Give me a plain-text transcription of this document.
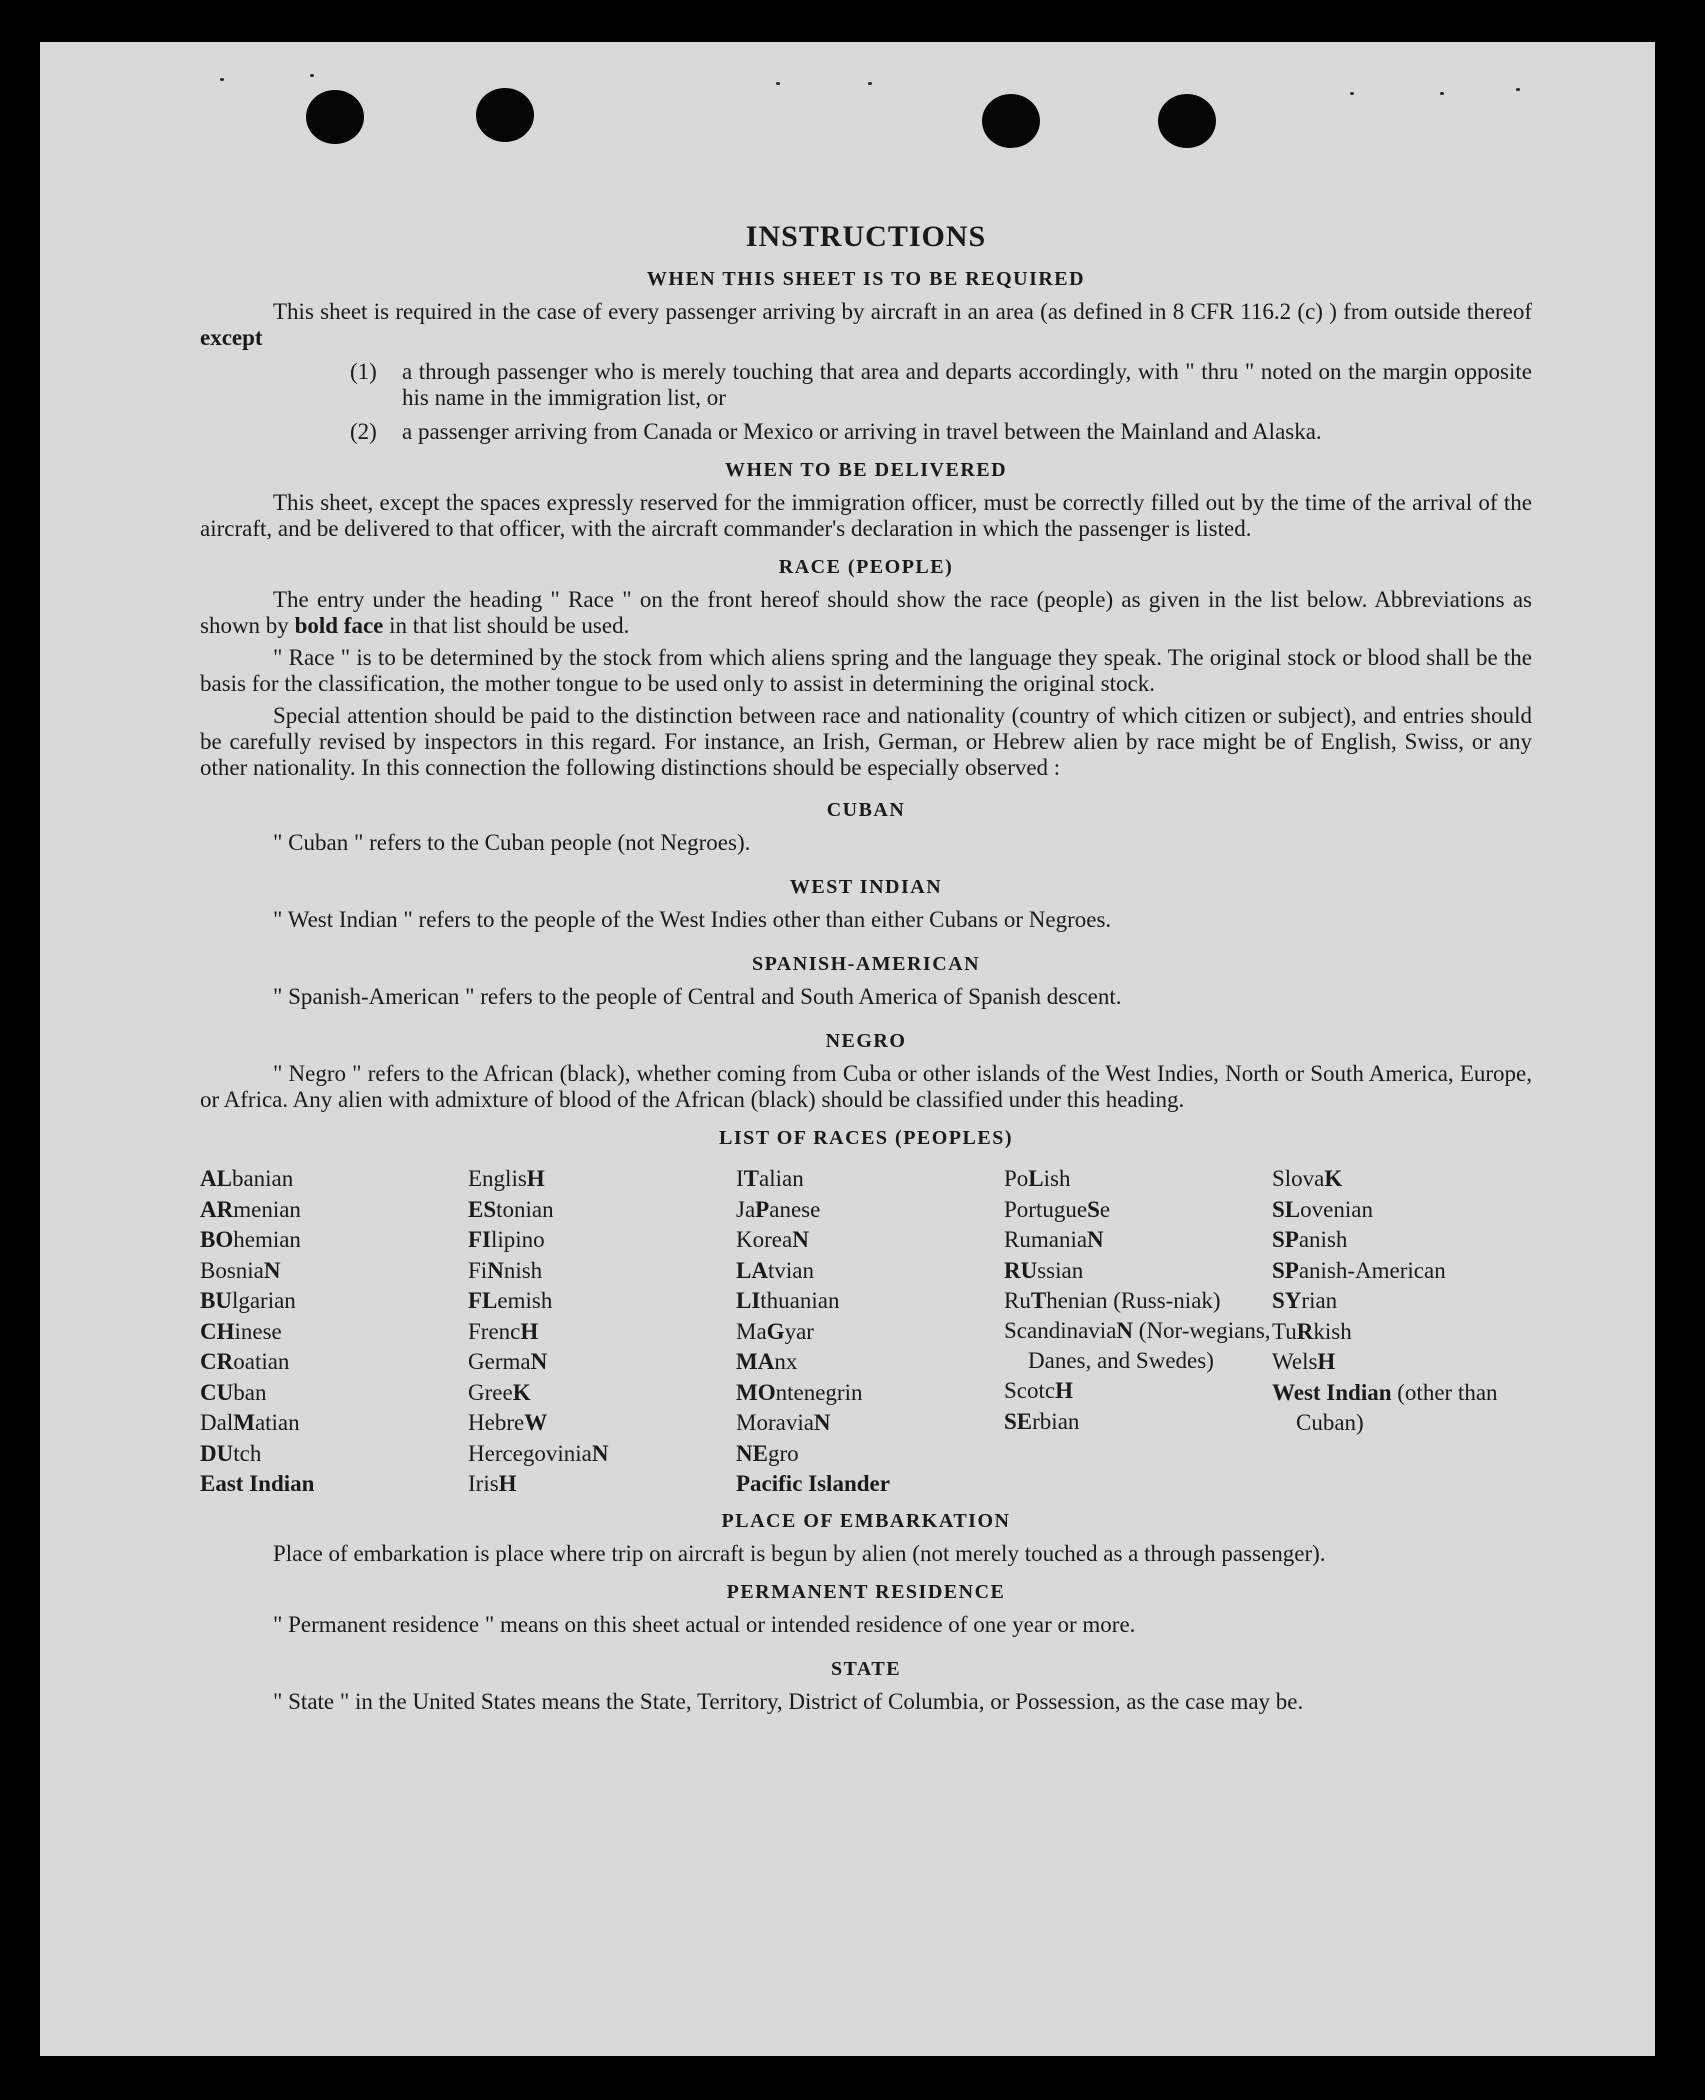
INSTRUCTIONS
WHEN THIS SHEET IS TO BE REQUIRED

This sheet is required in the case of every passenger arriving by aircraft in an area (as defined in 8 CFR 116.2 (c) ) from outside thereof except

(1)	a through passenger who is merely touching that area and departs accordingly, with " thru " noted on the margin opposite his name in the immigration list, or
(2)	a passenger arriving from Canada or Mexico or arriving in travel between the Mainland and Alaska.
WHEN TO BE DELIVERED

This sheet, except the spaces expressly reserved for the immigration officer, must be correctly filled out by the time of the arrival of the aircraft, and be delivered to that officer, with the aircraft commander's declaration in which the passenger is listed.

RACE (PEOPLE)

The entry under the heading " Race " on the front hereof should show the race (people) as given in the list below. Abbreviations as shown by bold face in that list should be used.

" Race " is to be determined by the stock from which aliens spring and the language they speak. The original stock or blood shall be the basis for the classification, the mother tongue to be used only to assist in determining the original stock.

Special attention should be paid to the distinction between race and nationality (country of which citizen or subject), and entries should be carefully revised by inspectors in this regard. For instance, an Irish, German, or Hebrew alien by race might be of English, Swiss, or any other nationality. In this connection the following distinctions should be especially observed :

CUBAN

" Cuban " refers to the Cuban people (not Negroes).

WEST INDIAN

" West Indian " refers to the people of the West Indies other than either Cubans or Negroes.

SPANISH-AMERICAN

" Spanish-American " refers to the people of Central and South America of Spanish descent.

NEGRO

" Negro " refers to the African (black), whether coming from Cuba or other islands of the West Indies, North or South America, Europe, or Africa. Any alien with admixture of blood of the African (black) should be classified under this heading.

LIST OF RACES (PEOPLES)
ALbanian
ARmenian
BOhemian
BosniaN
BUlgarian
CHinese
CRoatian
CUban
DalMatian
DUtch
East Indian
EnglisH
EStonian
FIlipino
FiNnish
FLemish
FrencH
GermaN
GreeK
HebreW
HercegoviniaN
IrisH
ITalian
JaPanese
KoreaN
LAtvian
LIthuanian
MaGyar
MAnx
MOntenegrin
MoraviaN
NEgro
Pacific Islander
PoLish
PortugueSe
RumaniaN
RUssian
RuThenian (Russ-niak)
ScandinaviaN (Nor-wegians, Danes, and Swedes)
ScotcH
SErbian
SlovaK
SLovenian
SPanish
SPanish-American
SYrian
TuRkish
WelsH
West Indian (other than Cuban)
PLACE OF EMBARKATION

Place of embarkation is place where trip on aircraft is begun by alien (not merely touched as a through passenger).

PERMANENT RESIDENCE

" Permanent residence " means on this sheet actual or intended residence of one year or more.

STATE

" State " in the United States means the State, Territory, District of Columbia, or Possession, as the case may be.
